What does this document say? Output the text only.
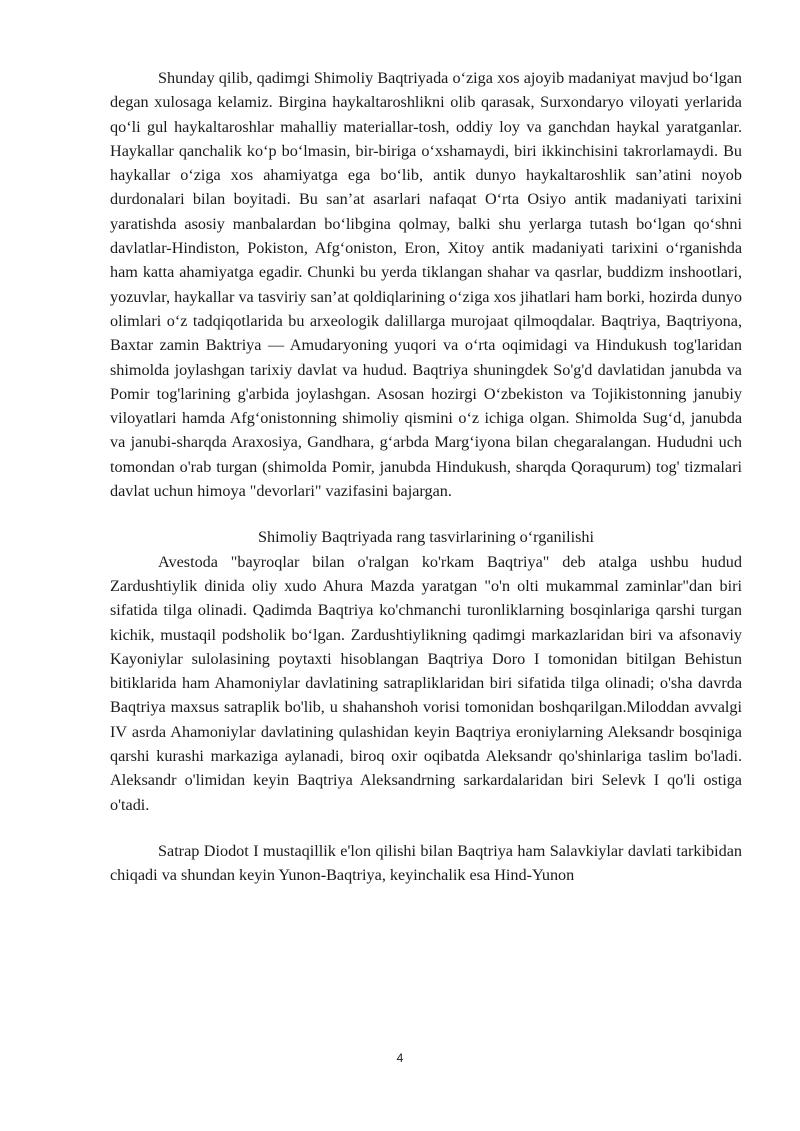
Shunday qilib, qadimgi Shimoliy Baqtriyada o‘ziga xos ajoyib madaniyat mavjud bo‘lgan degan xulosaga kelamiz. Birgina haykaltaroshlikni olib qarasak, Surxondaryo viloyati yerlarida qo‘li gul haykaltaroshlar mahalliy materiallar-tosh, oddiy loy va ganchdan haykal yaratganlar. Haykallar qanchalik ko‘p bo‘lmasin, bir-biriga o‘xshamaydi, biri ikkinchisini takrorlamaydi. Bu haykallar o‘ziga xos ahamiyatga ega bo‘lib, antik dunyo haykaltaroshlik san’atini noyob durdonalari bilan boyitadi. Bu san’at asarlari nafaqat O‘rta Osiyo antik madaniyati tarixini yaratishda asosiy manbalardan bo‘libgina qolmay, balki shu yerlarga tutash bo‘lgan qo‘shni davlatlar-Hindiston, Pokiston, Afg‘oniston, Eron, Xitoy antik madaniyati tarixini o‘rganishda ham katta ahamiyatga egadir. Chunki bu yerda tiklangan shahar va qasrlar, buddizm inshootlari, yozuvlar, haykallar va tasviriy san’at qoldiqlarining o‘ziga xos jihatlari ham borki, hozirda dunyo olimlari o‘z tadqiqotlarida bu arxeologik dalillarga murojaat qilmoqdalar. Baqtriya, Baqtriyona, Baxtar zamin Baktriya — Amudaryoning yuqori va o‘rta oqimidagi va Hindukush tog'laridan shimolda joylashgan tarixiy davlat va hudud. Baqtriya shuningdek So'g'd davlatidan janubda va Pomir tog'larining g'arbida joylashgan. Asosan hozirgi O‘zbekiston va Tojikistonning janubiy viloyatlari hamda Afg‘onistonning shimoliy qismini o‘z ichiga olgan. Shimolda Sug‘d, janubda va janubi-sharqda Araxosiya, Gandhara, g‘arbda Marg‘iyona bilan chegaralangan. Hududni uch tomondan o'rab turgan (shimolda Pomir, janubda Hindukush, sharqda Qoraqurum) tog' tizmalari davlat uchun himoya "devorlari" vazifasini bajargan.

Shimoliy Baqtriyada rang tasvirlarining o‘rganilishi

Avestoda "bayroqlar bilan o'ralgan ko'rkam Baqtriya" deb atalga ushbu hudud Zardushtiylik dinida oliy xudo Ahura Mazda yaratgan "o'n olti mukammal zaminlar"dan biri sifatida tilga olinadi. Qadimda Baqtriya ko'chmanchi turonliklarning bosqinlariga qarshi turgan kichik, mustaqil podsholik bo‘lgan. Zardushtiylikning qadimgi markazlaridan biri va afsonaviy Kayoniylar sulolasining poytaxti hisoblangan Baqtriya Doro I tomonidan bitilgan Behistun bitiklarida ham Ahamoniylar davlatining satrapliklaridan biri sifatida tilga olinadi; o'sha davrda Baqtriya maxsus satraplik bo'lib, u shahanshoh vorisi tomonidan boshqarilgan.Miloddan avvalgi IV asrda Ahamoniylar davlatining qulashidan keyin Baqtriya eroniylarning Aleksandr bosqiniga qarshi kurashi markaziga aylanadi, biroq oxir oqibatda Aleksandr qo'shinlariga taslim bo'ladi. Aleksandr o'limidan keyin Baqtriya Aleksandrning sarkardalaridan biri Selevk I qo'li ostiga o'tadi.

Satrap Diodot I mustaqillik e'lon qilishi bilan Baqtriya ham Salavkiylar davlati tarkibidan chiqadi va shundan keyin Yunon-Baqtriya, keyinchalik esa Hind-Yunon

4
